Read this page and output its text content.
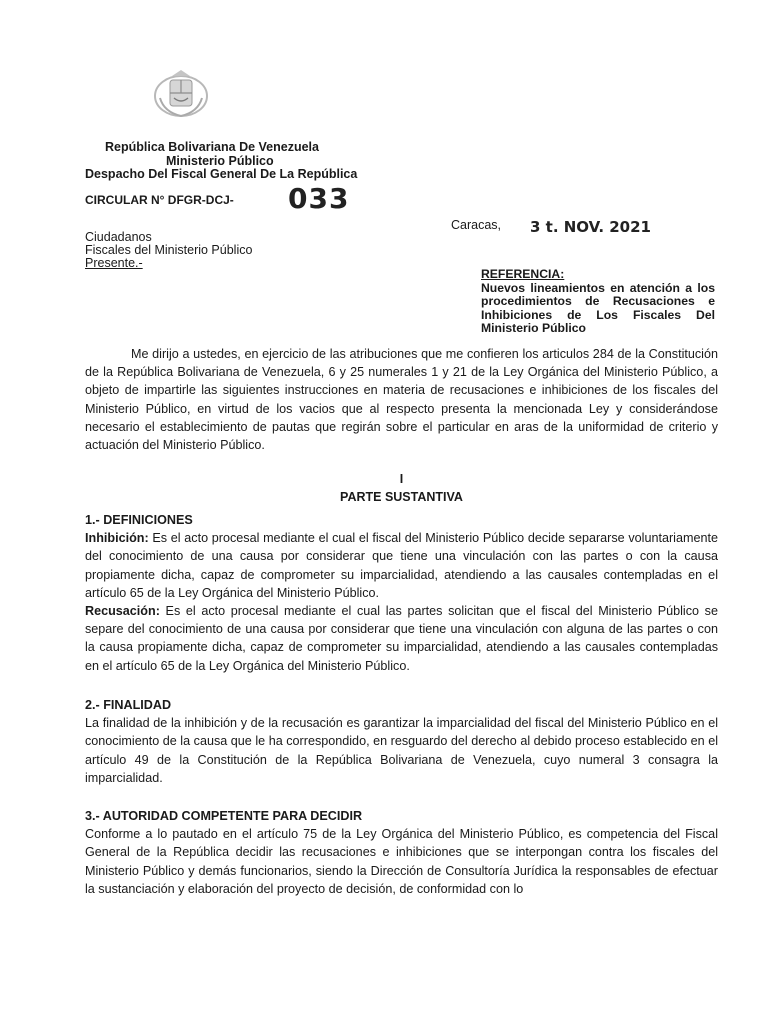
República Bolivariana De Venezuela
Ministerio Público
Despacho Del Fiscal General De La República
CIRCULAR N° DFGR-DCJ- 033
Caracas, 3 t. NOV. 2021
Ciudadanos
Fiscales del Ministerio Público
Presente.-
REFERENCIA:
Nuevos lineamientos en atención a los procedimientos de Recusaciones e Inhibiciones de Los Fiscales Del Ministerio Público
Me dirijo a ustedes, en ejercicio de las atribuciones que me confieren los articulos 284 de la Constitución de la República Bolivariana de Venezuela, 6 y 25 numerales 1 y 21 de la Ley Orgánica del Ministerio Público, a objeto de impartirle las siguientes instrucciones en materia de recusaciones e inhibiciones de los fiscales del Ministerio Público, en virtud de los vacios que al respecto presenta la mencionada Ley y considerándose necesario el establecimiento de pautas que regirán sobre el particular en aras de la uniformidad de criterio y actuación del Ministerio Público.
I
PARTE SUSTANTIVA
1.- DEFINICIONES
Inhibición: Es el acto procesal mediante el cual el fiscal del Ministerio Público decide separarse voluntariamente del conocimiento de una causa por considerar que tiene una vinculación con las partes o con la causa propiamente dicha, capaz de comprometer su imparcialidad, atendiendo a las causales contempladas en el artículo 65 de la Ley Orgánica del Ministerio Público.
Recusación: Es el acto procesal mediante el cual las partes solicitan que el fiscal del Ministerio Público se separe del conocimiento de una causa por considerar que tiene una vinculación con alguna de las partes o con la causa propiamente dicha, capaz de comprometer su imparcialidad, atendiendo a las causales contempladas en el artículo 65 de la Ley Orgánica del Ministerio Público.
2.- FINALIDAD
La finalidad de la inhibición y de la recusación es garantizar la imparcialidad del fiscal del Ministerio Público en el conocimiento de la causa que le ha correspondido, en resguardo del derecho al debido proceso establecido en el artículo 49 de la Constitución de la República Bolivariana de Venezuela, cuyo numeral 3 consagra la imparcialidad.
3.- AUTORIDAD COMPETENTE PARA DECIDIR
Conforme a lo pautado en el artículo 75 de la Ley Orgánica del Ministerio Público, es competencia del Fiscal General de la República decidir las recusaciones e inhibiciones que se interpongan contra los fiscales del Ministerio Público y demás funcionarios, siendo la Dirección de Consultoría Jurídica la responsables de efectuar la sustanciación y elaboración del proyecto de decisión, de conformidad con lo
